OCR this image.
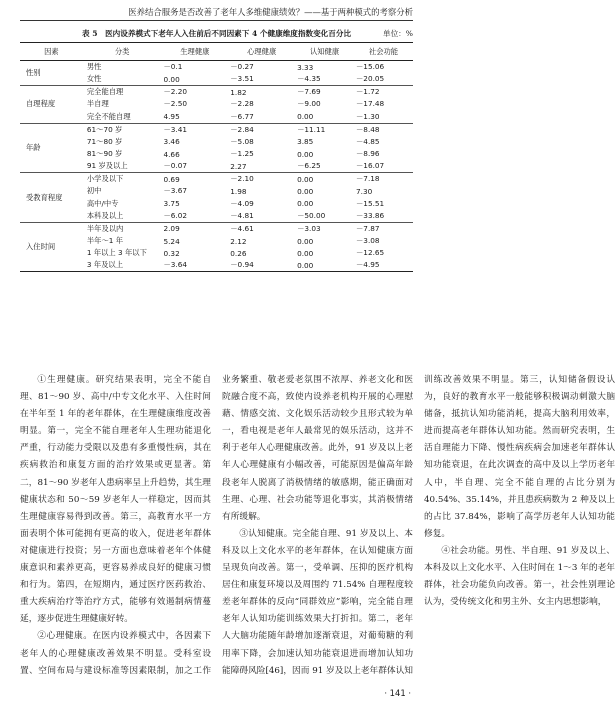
医养结合服务是否改善了老年人多维健康绩效？——基于两种模式的考察分析
表 5　医内设养模式下老年人入住前后不同因素下 4 个健康维度指数变化百分比	单位：%
因素	分类	生理健康	心理健康	认知健康	社会功能
性别	男性	－0.1	－0.27	3.33	－15.06
	女性	0.00	－3.51	－4.35	－20.05
自理程度	完全能自理	－2.20	1.82	－7.69	－1.72
	半自理	－2.50	－2.28	－9.00	－17.48
	完全不能自理	4.95	－6.77	0.00	－1.30
年龄	61～70 岁	－3.41	－2.84	－11.11	－8.48
	71～80 岁	3.46	－5.08	3.85	－4.85
	81～90 岁	4.66	－1.25	0.00	－8.96
	91 岁及以上	－0.07	2.27	－6.25	－16.07
受教育程度	小学及以下	0.69	－2.10	0.00	－7.18
	初中	－3.67	1.98	0.00	7.30
	高中/中专	3.75	－4.09	0.00	－15.51
	本科及以上	－6.02	－4.81	－50.00	－33.86
入住时间	半年及以内	2.09	－4.61	－3.03	－7.87
	半年～1 年	5.24	2.12	0.00	－3.08
	1 年以上 3 年以下	0.32	0.26	0.00	－12.65
	3 年及以上	－3.64	－0.94	0.00	－4.95

①生理健康。研究结果表明，完全不能自理、81～90 岁、高中/中专文化水平、入住时间在半年至 1 年的老年群体，在生理健康维度改善明显。第一，完全不能自理老年人生理功能退化严重，行动能力受限以及患有多重慢性病，其在疾病救治和康复方面的治疗效果或更显著。第二，81～90 岁老年人患病率呈上升趋势，其生理健康状态和 50～59 岁老年人一样稳定，因而其生理健康容易得到改善。第三，高教育水平一方面表明个体可能拥有更高的收入，促进老年群体对健康进行投资；另一方面也意味着老年个体健康意识和素养更高，更容易养成良好的健康习惯和行为。第四，在短期内，通过医疗医药救治、重大疾病治疗等治疗方式，能够有效遏制病情蔓延，逐步促进生理健康好转。

②心理健康。在医内设养模式中，各因素下老年人的心理健康改善效果不明显。受科室设置、空间布局与建设标准等因素限制，加之工作业务繁重、敬老爱老氛围不浓厚、养老文化和医院融合度不高，致使内设养老机构开展的心理慰藉、情感交流、文化娱乐活动较少且形式较为单一，看电视是老年人最常见的娱乐活动，这并不利于老年人心理健康改善。此外，91 岁及以上老年人心理健康有小幅改善，可能原因是偏高年龄段老年人脱离了消极情绪的敏感期，能正确面对生理、心理、社会功能等退化事实，其消极情绪有所缓解。

③认知健康。完全能自理、91 岁及以上、本科及以上文化水平的老年群体，在认知健康方面呈现负向改善。第一，受单调、压抑的医疗机构居住和康复环境以及周围约 71.54% 自理程度较差老年群体的反向“同群效应”影响，完全能自理老年人认知功能训练效果大打折扣。第二，老年人大脑功能随年龄增加逐渐衰退，对葡萄糖的利用率下降，会加速认知功能衰退进而增加认知功能障碍风险[46]，因而 91 岁及以上老年群体认知训练改善效果不明显。第三，认知储备假设认为，良好的教育水平一般能够积极调动刺激大脑储备，抵抗认知功能消耗，提高大脑利用效率，进而提高老年群体认知功能。然而研究表明，生活自理能力下降、慢性病疾病会加速老年群体认知功能衰退，在此次调查的高中及以上学历老年人中，半自理、完全不能自理的占比分别为 40.54%、35.14%，并且患疾病数为 2 种及以上的占比 37.84%，影响了高学历老年人认知功能修复。

④社会功能。男性、半自理、91 岁及以上、本科及以上文化水平、入住时间在 1～3 年的老年群体，社会功能负向改善。第一，社会性别理论认为，受传统文化和男主外、女主内思想影响，

· 141 ·
